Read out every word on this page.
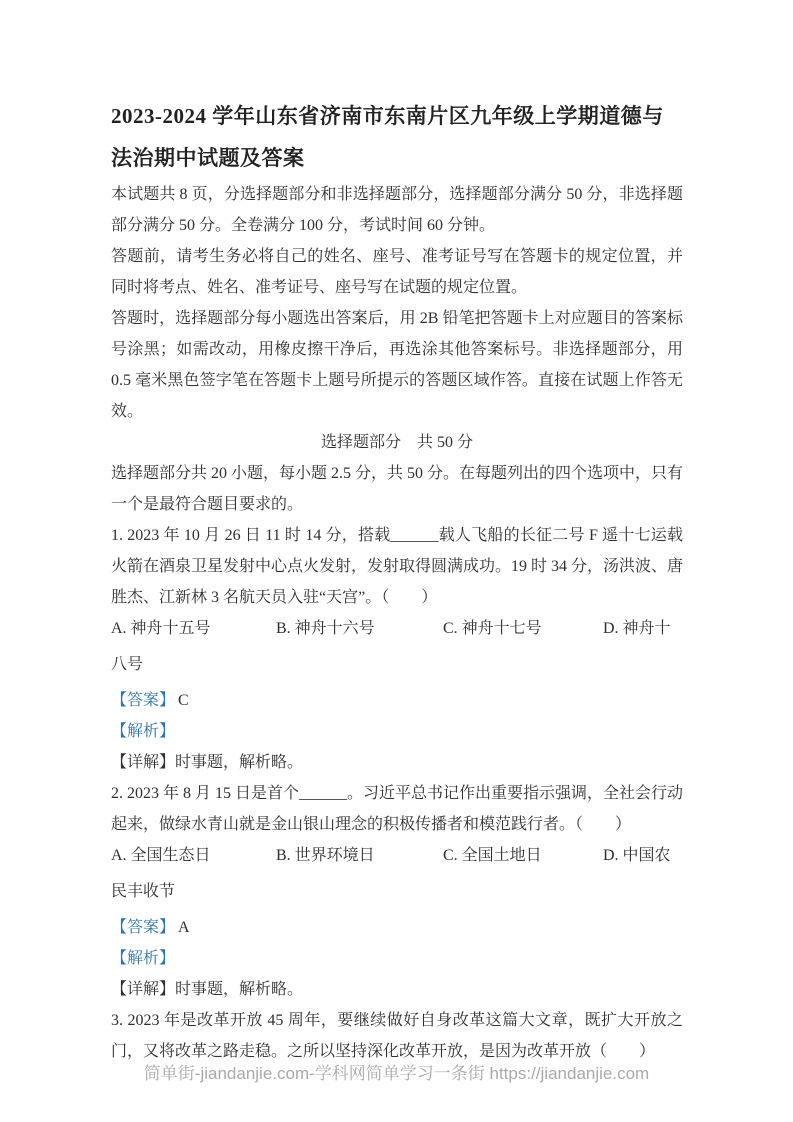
2023-2024 学年山东省济南市东南片区九年级上学期道德与法治期中试题及答案

本试题共 8 页，分选择题部分和非选择题部分，选择题部分满分 50 分，非选择题部分满分 50 分。全卷满分 100 分，考试时间 60 分钟。

答题前，请考生务必将自己的姓名、座号、准考证号写在答题卡的规定位置，并同时将考点、姓名、准考证号、座号写在试题的规定位置。

答题时，选择题部分每小题选出答案后，用 2B 铅笔把答题卡上对应题目的答案标号涂黑；如需改动，用橡皮擦干净后，再选涂其他答案标号。非选择题部分，用 0.5 毫米黑色签字笔在答题卡上题号所提示的答题区域作答。直接在试题上作答无效。

选择题部分　共 50 分

选择题部分共 20 小题，每小题 2.5 分，共 50 分。在每题列出的四个选项中，只有一个是最符合题目要求的。

1. 2023 年 10 月 26 日 11 时 14 分，搭载______载人飞船的长征二号 F 遥十七运载火箭在酒泉卫星发射中心点火发射，发射取得圆满成功。19 时 34 分，汤洪波、唐胜杰、江新林 3 名航天员入驻“天宫”。（　　）

A. 神舟十五号	B. 神舟十六号	C. 神舟十七号	D. 神舟十八号

【答案】 C

【解析】

【详解】时事题，解析略。

2. 2023 年 8 月 15 日是首个______。习近平总书记作出重要指示强调，全社会行动起来，做绿水青山就是金山银山理念的积极传播者和模范践行者。（　　）

A. 全国生态日	B. 世界环境日	C. 全国土地日	D. 中国农民丰收节

【答案】 A

【解析】

【详解】时事题，解析略。

3. 2023 年是改革开放 45 周年，要继续做好自身改革这篇大文章，既扩大开放之门，又将改革之路走稳。之所以坚持深化改革开放，是因为改革开放（　　）

简单街-jiandanjie.com-学科网简单学习一条街 https://jiandanjie.com
